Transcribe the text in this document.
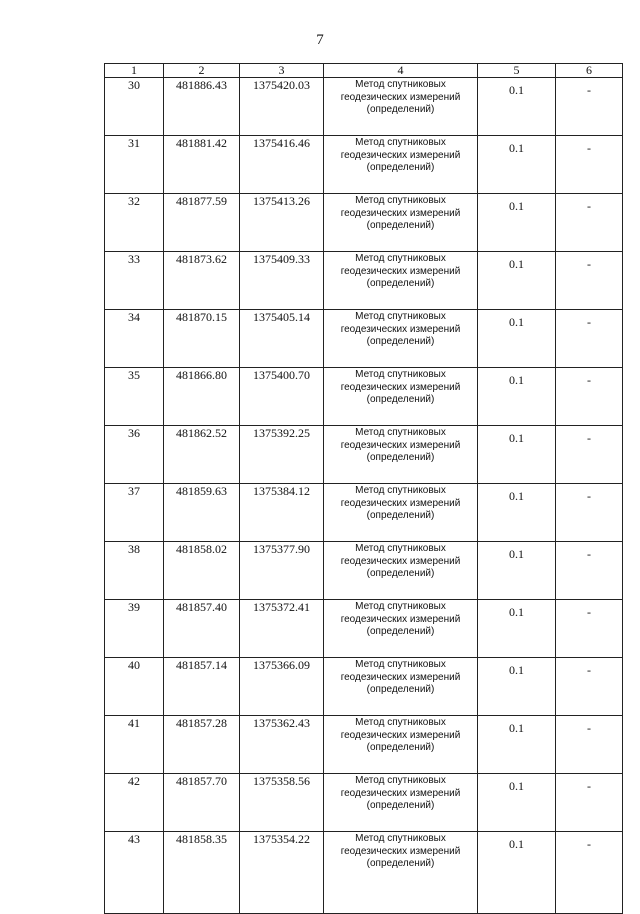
7
1	2	3	4	5	6
30	481886.43	1375420.03	Метод спутниковых геодезических измерений (определений)	0.1	-
31	481881.42	1375416.46	Метод спутниковых геодезических измерений (определений)	0.1	-
32	481877.59	1375413.26	Метод спутниковых геодезических измерений (определений)	0.1	-
33	481873.62	1375409.33	Метод спутниковых геодезических измерений (определений)	0.1	-
34	481870.15	1375405.14	Метод спутниковых геодезических измерений (определений)	0.1	-
35	481866.80	1375400.70	Метод спутниковых геодезических измерений (определений)	0.1	-
36	481862.52	1375392.25	Метод спутниковых геодезических измерений (определений)	0.1	-
37	481859.63	1375384.12	Метод спутниковых геодезических измерений (определений)	0.1	-
38	481858.02	1375377.90	Метод спутниковых геодезических измерений (определений)	0.1	-
39	481857.40	1375372.41	Метод спутниковых геодезических измерений (определений)	0.1	-
40	481857.14	1375366.09	Метод спутниковых геодезических измерений (определений)	0.1	-
41	481857.28	1375362.43	Метод спутниковых геодезических измерений (определений)	0.1	-
42	481857.70	1375358.56	Метод спутниковых геодезических измерений (определений)	0.1	-
43	481858.35	1375354.22	Метод спутниковых геодезических измерений (определений)	0.1	-
